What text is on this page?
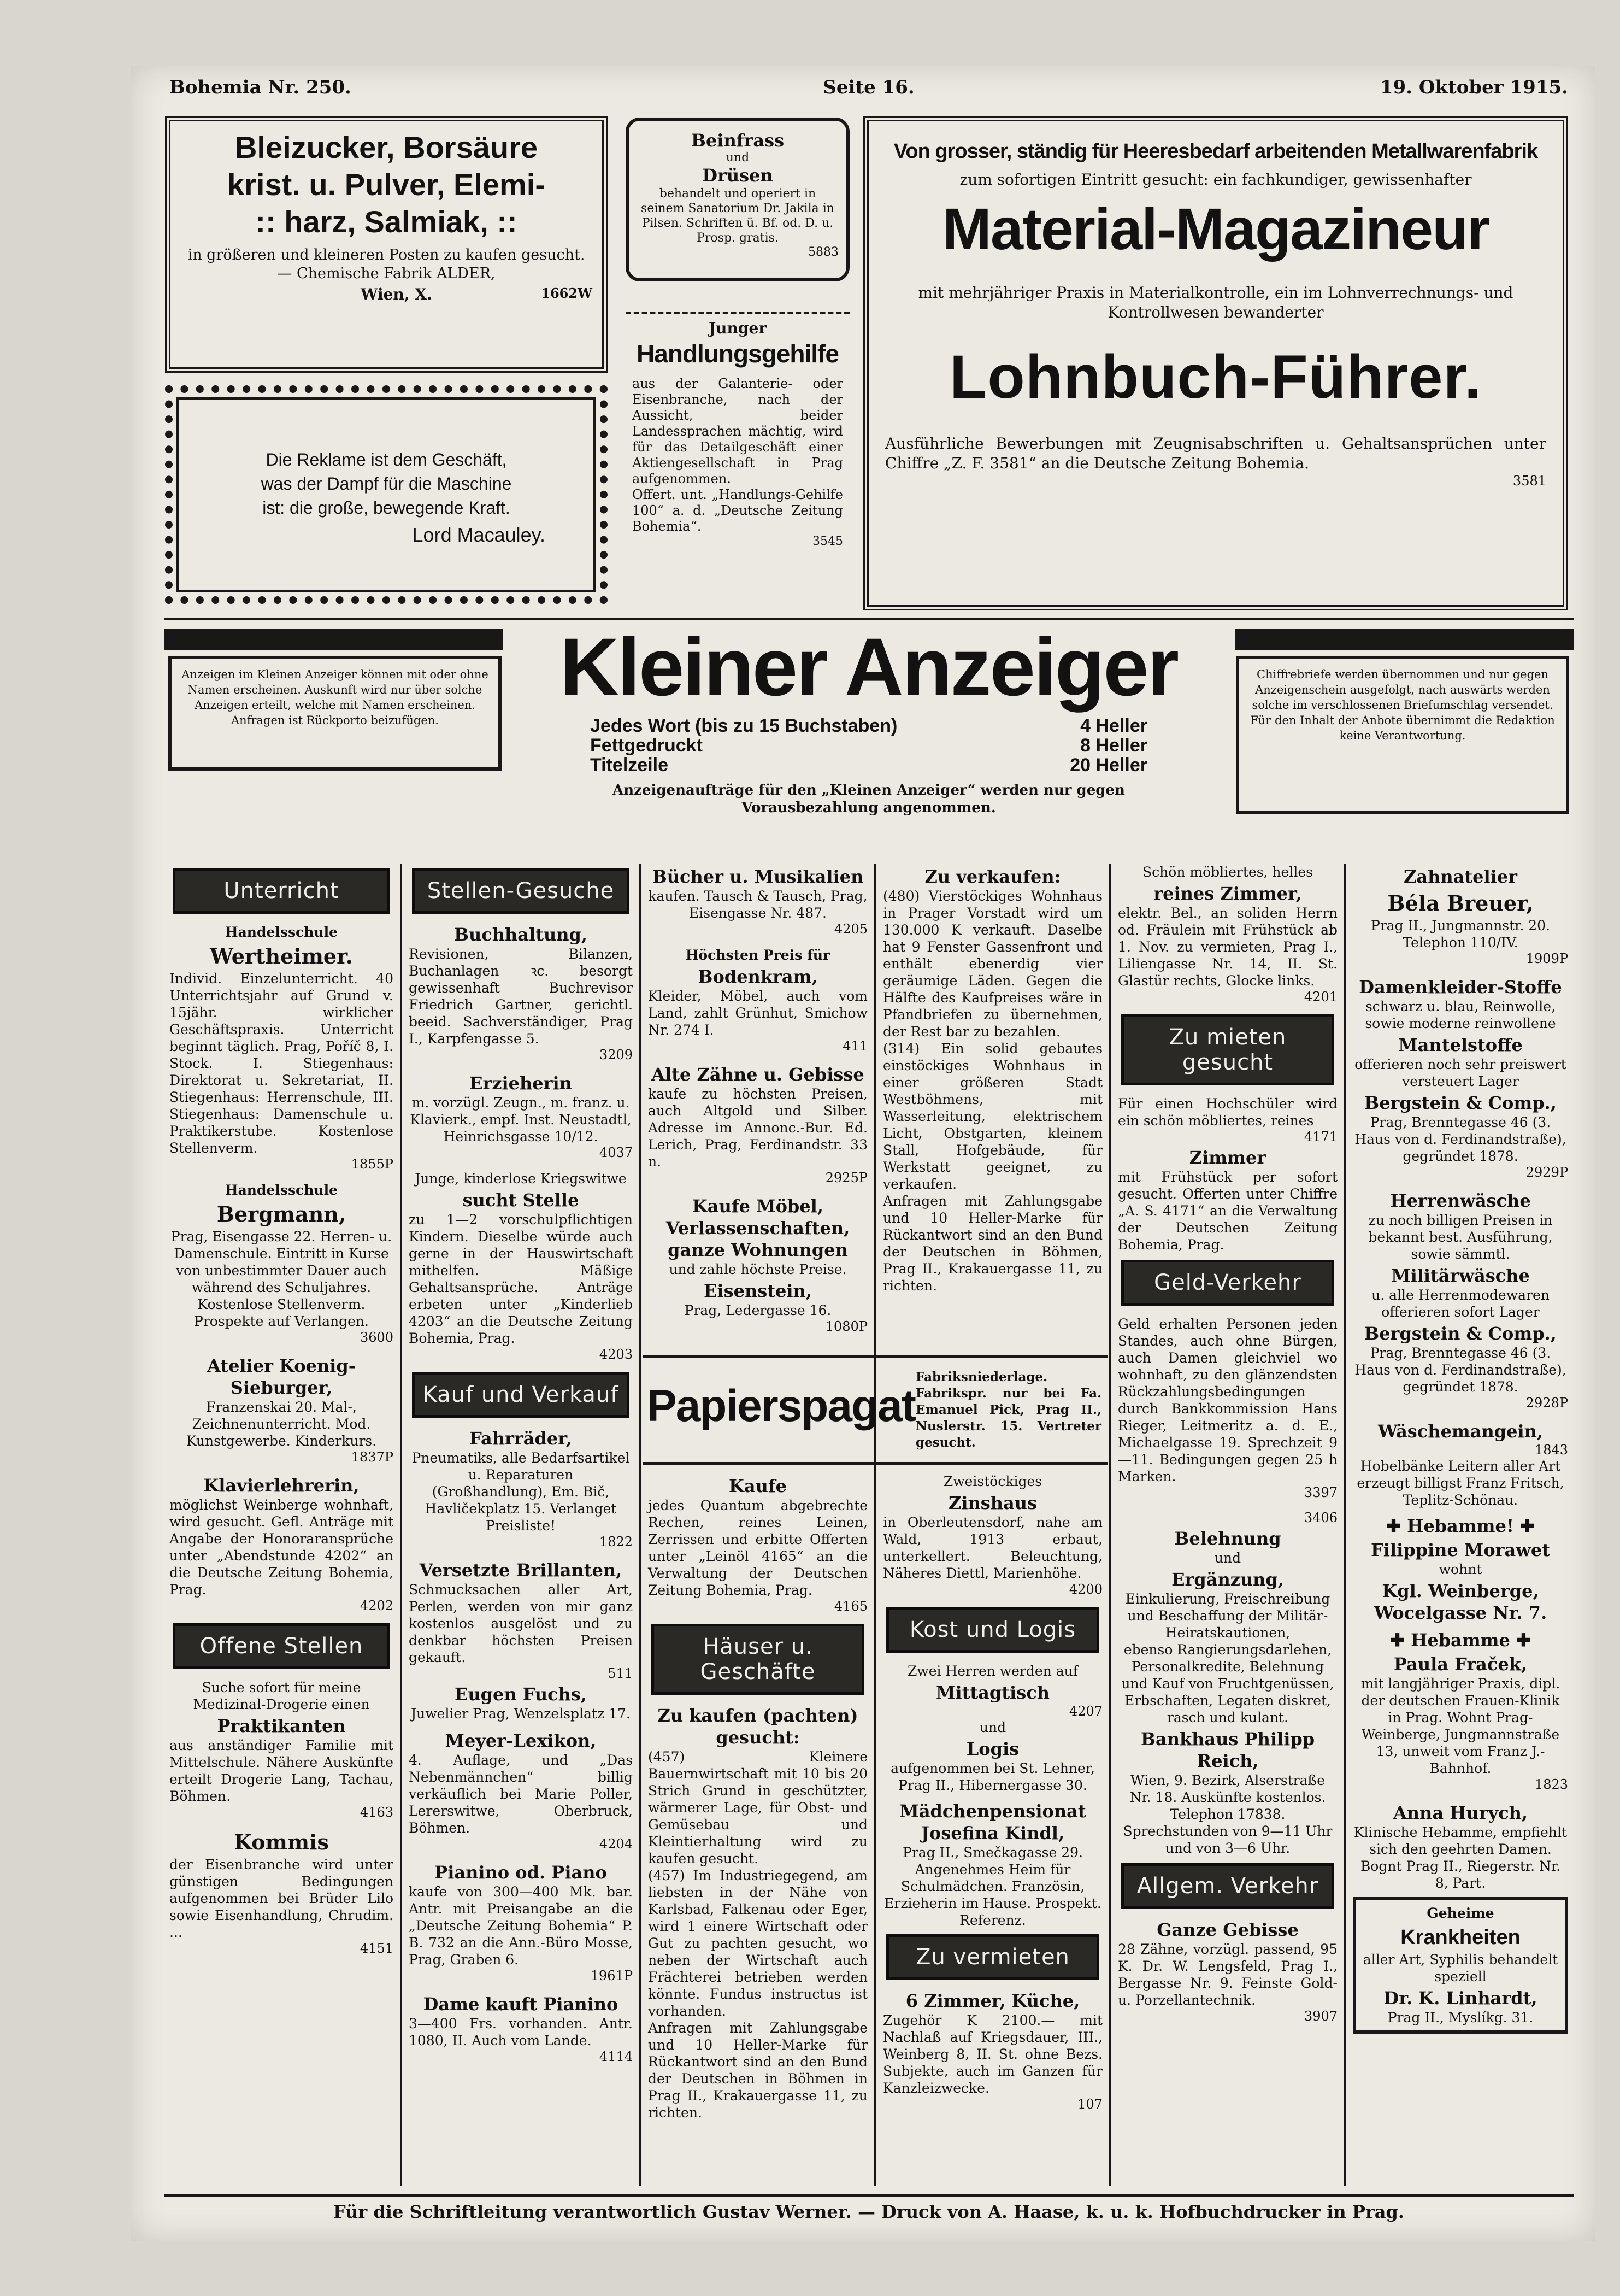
Bohemia Nr. 250.	Seite 16.	19. Oktober 1915.
Bleizucker, Borsäure
krist. u. Pulver, Elemi-
:: harz, Salmiak, ::

in größeren und kleineren Posten zu kaufen gesucht. — Chemische Fabrik ALDER,

Wien, X.	1662W
Die Reklame ist dem Geschäft,
was der Dampf für die Maschine
ist: die große, bewegende Kraft.
Lord Macauley.
Beinfrass
und
Drüsen

behandelt und operiert in seinem Sanatorium Dr. Jakila in Pilsen. Schriften ü. Bf. od. D. u. Prosp. gratis.

5883
Junger
Handlungsgehilfe

aus der Galanterie- oder Eisenbranche, nach der Aussicht, beider Landessprachen mächtig, wird für das Detailgeschäft einer Aktiengesellschaft in Prag aufgenommen.

Offert. unt. „Handlungs-Gehilfe 100“ a. d. „Deutsche Zeitung Bohemia“.

3545
Von grosser, ständig für Heeresbedarf arbeitenden Metallwarenfabrik
zum sofortigen Eintritt gesucht: ein fachkundiger, gewissenhafter
Material-Magazineur
mit mehrjähriger Praxis in Materialkontrolle, ein im Lohnverrechnungs- und Kontrollwesen bewanderter
Lohnbuch-Führer.

Ausführliche Bewerbungen mit Zeugnisabschriften u. Gehaltsansprüchen unter Chiffre „Z. F. 3581“ an die Deutsche Zeitung Bohemia.

3581

Anzeigen im Kleinen Anzeiger können mit oder ohne Namen erscheinen. Auskunft wird nur über solche Anzeigen erteilt, welche mit Namen erscheinen. Anfragen ist Rückporto beizufügen.

Kleiner Anzeiger
Jedes Wort (bis zu 15 Buchstaben)	4 Heller
Fettgedruckt	8 Heller
Titelzeile	20 Heller

Anzeigenaufträge für den „Kleinen Anzeiger“ werden nur gegen Vorausbezahlung angenommen.

Chiffrebriefe werden übernommen und nur gegen Anzeigenschein ausgefolgt, nach auswärts werden solche im verschlossenen Briefumschlag versendet. Für den Inhalt der Anbote übernimmt die Redaktion keine Verantwortung.

Unterricht
Handelsschule
Wertheimer.

Individ. Einzelunterricht. 40 Unterrichtsjahr auf Grund v. 15jähr. wirklicher Geschäftspraxis. Unterricht beginnt täglich. Prag, Poříč 8, I. Stock. I. Stiegenhaus: Direktorat u. Sekretariat, II. Stiegenhaus: Herrenschule, III. Stiegenhaus: Damenschule u. Praktikerstube. Kostenlose Stellenverm.

1855P
Handelsschule
Bergmann,

Prag, Eisengasse 22. Herren- u. Damenschule. Eintritt in Kurse von unbestimmter Dauer auch während des Schuljahres. Kostenlose Stellenverm. Prospekte auf Verlangen.

3600
Atelier Koenig-Sieburger,

Franzenskai 20. Mal-, Zeichnenunterricht. Mod. Kunstgewerbe. Kinderkurs.

1837P
Klavierlehrerin,

möglichst Weinberge wohnhaft, wird gesucht. Gefl. Anträge mit Angabe der Honoraransprüche unter „Abendstunde 4202“ an die Deutsche Zeitung Bohemia, Prag.

4202
Offene Stellen

Suche sofort für meine Medizinal-Drogerie einen

Praktikanten

aus anständiger Familie mit Mittelschule. Nähere Auskünfte erteilt Drogerie Lang, Tachau, Böhmen.

4163
Kommis

der Eisenbranche wird unter günstigen Bedingungen aufgenommen bei Brüder Lilo sowie Eisenhandlung, Chrudim. ...

4151
Stellen-Gesuche
Buchhaltung,

Revisionen, Bilanzen, Buchanlagen ꝛc. besorgt gewissenhaft Buchrevisor Friedrich Gartner, gerichtl. beeid. Sachverständiger, Prag I., Karpfengasse 5.

3209
Erzieherin

m. vorzügl. Zeugn., m. franz. u. Klavierk., empf. Inst. Neustadtl, Heinrichsgasse 10/12.

4037

Junge, kinderlose Kriegswitwe

sucht Stelle

zu 1—2 vorschulpflichtigen Kindern. Dieselbe würde auch gerne in der Hauswirtschaft mithelfen. Mäßige Gehaltsansprüche. Anträge erbeten unter „Kinderlieb 4203“ an die Deutsche Zeitung Bohemia, Prag.

4203
Kauf und Verkauf
Fahrräder,

Pneumatiks, alle Bedarfsartikel u. Reparaturen (Großhandlung), Em. Bič, Havličekplatz 15. Verlanget Preisliste!

1822
Versetzte Brillanten,

Schmucksachen aller Art, Perlen, werden von mir ganz kostenlos ausgelöst und zu denkbar höchsten Preisen gekauft.

511
Eugen Fuchs,

Juwelier Prag, Wenzelsplatz 17.

Meyer-Lexikon,

4. Auflage, und „Das Nebenmännchen“ billig verkäuflich bei Marie Poller, Lererswitwe, Oberbruck, Böhmen.

4204
Pianino od. Piano

kaufe von 300—400 Mk. bar. Antr. mit Preisangabe an die „Deutsche Zeitung Bohemia“ P. B. 732 an die Ann.-Büro Mosse, Prag, Graben 6.

1961P
Dame kauft Pianino

3—400 Frs. vorhanden. Antr. 1080, II. Auch vom Lande.

4114
Bücher u. Musikalien

kaufen. Tausch & Tausch, Prag, Eisengasse Nr. 487.

4205

Höchsten Preis für

Bodenkram,

Kleider, Möbel, auch vom Land, zahlt Grünhut, Smichow Nr. 274 I.

411
Alte Zähne u. Gebisse

kaufe zu höchsten Preisen, auch Altgold und Silber. Adresse im Annonc.-Bur. Ed. Lerich, Prag, Ferdinandstr. 33 n.

2925P
Kaufe Möbel, Verlassenschaften, ganze Wohnungen

und zahle höchste Preise.

Eisenstein,

Prag, Ledergasse 16.

1080P
Zu verkaufen:

(480) Vierstöckiges Wohnhaus in Prager Vorstadt wird um 130.000 K verkauft. Daselbe hat 9 Fenster Gassenfront und enthält ebenerdig vier geräumige Läden. Gegen die Hälfte des Kaufpreises wäre in Pfandbriefen zu übernehmen, der Rest bar zu bezahlen.

(314) Ein solid gebautes einstöckiges Wohnhaus in einer größeren Stadt Westböhmens, mit Wasserleitung, elektrischem Licht, Obstgarten, kleinem Stall, Hofgebäude, für Werkstatt geeignet, zu verkaufen.

Anfragen mit Zahlungsgabe und 10 Heller-Marke für Rückantwort sind an den Bund der Deutschen in Böhmen, Prag II., Krakauergasse 11, zu richten.

Papierspagat

Fabriksniederlage. Fabrikspr. nur bei Fa. Emanuel Pick, Prag II., Nuslerstr. 15. Vertreter gesucht.

Kaufe

jedes Quantum abgebrechte Rechen, reines Leinen, Zerrissen und erbitte Offerten unter „Leinöl 4165“ an die Verwaltung der Deutschen Zeitung Bohemia, Prag.

4165
Häuser u. Geschäfte
Zu kaufen (pachten) gesucht:

(457) Kleinere Bauernwirtschaft mit 10 bis 20 Strich Grund in geschützter, wärmerer Lage, für Obst- und Gemüsebau und Kleintierhaltung wird zu kaufen gesucht.

(457) Im Industriegegend, am liebsten in der Nähe von Karlsbad, Falkenau oder Eger, wird 1 einere Wirtschaft oder Gut zu pachten gesucht, wo neben der Wirtschaft auch Frächterei betrieben werden könnte. Fundus instructus ist vorhanden.

Anfragen mit Zahlungsgabe und 10 Heller-Marke für Rückantwort sind an den Bund der Deutschen in Böhmen in Prag II., Krakauergasse 11, zu richten.

Zweistöckiges

Zinshaus

in Oberleutensdorf, nahe am Wald, 1913 erbaut, unterkellert. Beleuchtung, Näheres Diettl, Marienhöhe.

4200
Kost und Logis

Zwei Herren werden auf

Mittagtisch
4207
und
Logis

aufgenommen bei St. Lehner, Prag II., Hibernergasse 30.

Mädchenpensionat Josefina Kindl,

Prag II., Smečkagasse 29. Angenehmes Heim für Schulmädchen. Französin, Erzieherin im Hause. Prospekt. Referenz.

Zu vermieten
6 Zimmer, Küche,

Zugehör K 2100.— mit Nachlaß auf Kriegsdauer, III., Weinberg 8, II. St. ohne Bezs. Subjekte, auch im Ganzen für Kanzleizwecke.

107

Schön möbliertes, helles

reines Zimmer,

elektr. Bel., an soliden Herrn od. Fräulein mit Frühstück ab 1. Nov. zu vermieten, Prag I., Liliengasse Nr. 14, II. St. Glastür rechts, Glocke links.

4201
Zu mieten gesucht

Für einen Hochschüler wird ein schön möbliertes, reines

4171
Zimmer

mit Frühstück per sofort gesucht. Offerten unter Chiffre „A. S. 4171“ an die Verwaltung der Deutschen Zeitung Bohemia, Prag.

Geld-Verkehr

Geld erhalten Personen jeden Standes, auch ohne Bürgen, auch Damen gleichviel wo wohnhaft, zu den glänzendsten Rückzahlungsbedingungen durch Bankkommission Hans Rieger, Leitmeritz a. d. E., Michaelgasse 19. Sprechzeit 9—11. Bedingungen gegen 25 h Marken.

3397
3406
Belehnung
und
Ergänzung,

Einkulierung, Freischreibung und Beschaffung der Militär-Heiratskautionen,

ebenso Rangierungsdarlehen, Personalkredite, Belehnung und Kauf von Fruchtgenüssen, Erbschaften, Legaten diskret, rasch und kulant.

Bankhaus Philipp Reich,

Wien, 9. Bezirk, Alserstraße Nr. 18. Auskünfte kostenlos. Telephon 17838. Sprechstunden von 9—11 Uhr und von 3—6 Uhr.

Allgem. Verkehr
Ganze Gebisse

28 Zähne, vorzügl. passend, 95 K. Dr. W. Lengsfeld, Prag I., Bergasse Nr. 9. Feinste Gold- u. Porzellantechnik.

3907
Zahnatelier
Béla Breuer,

Prag II., Jungmannstr. 20. Telephon 110/IV.

1909P
Damenkleider-Stoffe

schwarz u. blau, Reinwolle, sowie moderne reinwollene

Mantelstoffe

offerieren noch sehr preiswert versteuert Lager

Bergstein & Comp.,

Prag, Brenntegasse 46 (3. Haus von d. Ferdinandstraße), gegründet 1878.

2929P
Herrenwäsche

zu noch billigen Preisen in bekannt best. Ausführung, sowie sämmtl.

Militärwäsche

u. alle Herrenmodewaren offerieren sofort Lager

Bergstein & Comp.,

Prag, Brenntegasse 46 (3. Haus von d. Ferdinandstraße), gegründet 1878.

2928P
Wäschemangein,
1843

Hobelbänke Leitern aller Art erzeugt billigst Franz Fritsch, Teplitz-Schönau.

✚ Hebamme! ✚
Filippine Morawet

wohnt

Kgl. Weinberge, Wocelgasse Nr. 7.
✚ Hebamme ✚
Paula Fraček,

mit langjähriger Praxis, dipl. der deutschen Frauen-Klinik in Prag. Wohnt Prag-Weinberge, Jungmannstraße 13, unweit vom Franz J.-Bahnhof.

1823
Anna Hurych,

Klinische Hebamme, empfiehlt sich den geehrten Damen. Bognt Prag II., Riegerstr. Nr. 8, Part.

Geheime
Krankheiten

aller Art, Syphilis behandelt speziell

Dr. K. Linhardt,

Prag II., Myslíkg. 31.

Für die Schriftleitung verantwortlich Gustav Werner. — Druck von A. Haase, k. u. k. Hofbuchdrucker in Prag.
